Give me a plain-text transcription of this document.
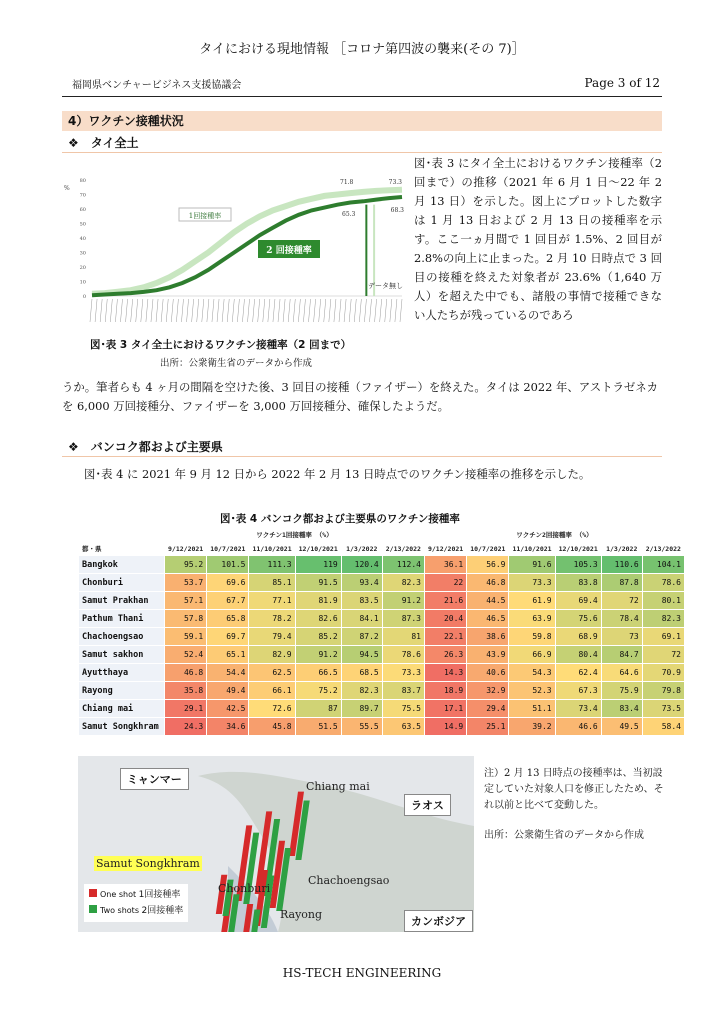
タイにおける現地情報 ［コロナ第四波の襲来(その 7)］
福岡県ベンチャービジネス支援協議会	Page 3 of 12
4）ワクチン接種状況
❖　タイ全土
0
10
20
30
40
50
60
70
80
%
71.8	73.3
65.3
68.3
1回接種率
2 回接種率
データ無し
図･表 3 タイ全土におけるワクチン接種率（2 回まで）
出所：公衆衛生省のデータから作成
図･表 3 にタイ全土におけるワクチン接種率（2 回まで）の推移（2021 年 6 月 1 日～22 年 2 月 13 日）を示した。図上にプロットした数字は 1 月 13 日および 2 月 13 日の接種率を示す。ここ一ヵ月間で 1 回目が 1.5%、2 回目が 2.8%の向上に止まった。2 月 10 日時点で 3 回目の接種を終えた対象者が 23.6%（1,640 万人）を超えた中でも、諸般の事情で接種できない人たちが残っているのであろ
うか。筆者らも 4 ヶ月の間隔を空けた後、3 回目の接種（ファイザー）を終えた。タイは 2022 年、アストラゼネカを 6,000 万回接種分、ファイザーを 3,000 万回接種分、確保したようだ。
❖　バンコク都および主要県
図･表 4 に 2021 年 9 月 12 日から 2022 年 2 月 13 日時点でのワクチン接種率の推移を示した。
図･表 4 バンコク都および主要県のワクチン接種率
	ワクチン1回接種率 （%）						ワクチン2回接種率 （%）					
都・県	9/12/2021	10/7/2021	11/10/2021	12/10/2021	1/3/2022	2/13/2022	9/12/2021	10/7/2021	11/10/2021	12/10/2021	1/3/2022	2/13/2022
Bangkok	95.2	101.5	111.3	119	120.4	112.4	36.1	56.9	91.6	105.3	110.6	104.1
Chonburi	53.7	69.6	85.1	91.5	93.4	82.3	22	46.8	73.3	83.8	87.8	78.6
Samut Prakhan	57.1	67.7	77.1	81.9	83.5	91.2	21.6	44.5	61.9	69.4	72	80.1
Pathum Thani	57.8	65.8	78.2	82.6	84.1	87.3	20.4	46.5	63.9	75.6	78.4	82.3
Chachoengsao	59.1	69.7	79.4	85.2	87.2	81	22.1	38.6	59.8	68.9	73	69.1
Samut sakhon	52.4	65.1	82.9	91.2	94.5	78.6	26.3	43.9	66.9	80.4	84.7	72
Ayutthaya	46.8	54.4	62.5	66.5	68.5	73.3	14.3	40.6	54.3	62.4	64.6	70.9
Rayong	35.8	49.4	66.1	75.2	82.3	83.7	18.9	32.9	52.3	67.3	75.9	79.8
Chiang mai	29.1	42.5	72.6	87	89.7	75.5	17.1	29.4	51.1	73.4	83.4	73.5
Samut Songkhram	24.3	34.6	45.8	51.5	55.5	63.5	14.9	25.1	39.2	46.6	49.5	58.4
ミャンマー
ラオス
カンボジア
Chiang mai
Samut Songkhram
Chonburi
Chachoengsao
Rayong
One shot 1回接種率
Two shots 2回接種率
注）2 月 13 日時点の接種率は、当初設定していた対象人口を修正したため、それ以前と比べて変動した。
出所：公衆衛生省のデータから作成
HS-TECH ENGINEERING
